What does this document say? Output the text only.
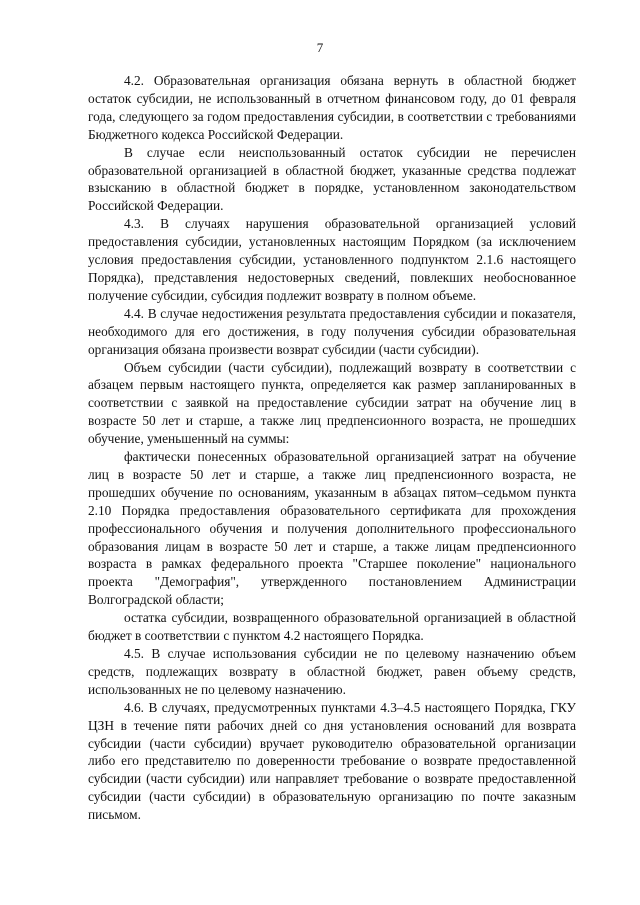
7

4.2. Образовательная организация обязана вернуть в областной бюджет остаток субсидии, не использованный в отчетном финансовом году, до 01 февраля года, следующего за годом предоставления субсидии, в соответствии с требованиями Бюджетного кодекса Российской Федерации.

В случае если неиспользованный остаток субсидии не перечислен образовательной организацией в областной бюджет, указанные средства подлежат взысканию в областной бюджет в порядке, установленном законодательством Российской Федерации.

4.3. В случаях нарушения образовательной организацией условий предоставления субсидии, установленных настоящим Порядком (за исключением условия предоставления субсидии, установленного подпунктом 2.1.6 настоящего Порядка), представления недостоверных сведений, повлекших необоснованное получение субсидии, субсидия подлежит возврату в полном объеме.

4.4. В случае недостижения результата предоставления субсидии и показателя, необходимого для его достижения, в году получения субсидии образовательная организация обязана произвести возврат субсидии (части субсидии).

Объем субсидии (части субсидии), подлежащий возврату в соответствии с абзацем первым настоящего пункта, определяется как размер запланированных в соответствии с заявкой на предоставление субсидии затрат на обучение лиц в возрасте 50 лет и старше, а также лиц предпенсионного возраста, не прошедших обучение, уменьшенный на суммы:

фактически понесенных образовательной организацией затрат на обучение лиц в возрасте 50 лет и старше, а также лиц предпенсионного возраста, не прошедших обучение по основаниям, указанным в абзацах пятом–седьмом пункта 2.10 Порядка предоставления образовательного сертификата для прохождения профессионального обучения и получения дополнительного профессионального образования лицам в возрасте 50 лет и старше, а также лицам предпенсионного возраста в рамках федерального проекта "Старшее поколение" национального проекта "Демография", утвержденного постановлением Администрации Волгоградской области;

остатка субсидии, возвращенного образовательной организацией в областной бюджет в соответствии с пунктом 4.2 настоящего Порядка.

4.5. В случае использования субсидии не по целевому назначению объем средств, подлежащих возврату в областной бюджет, равен объему средств, использованных не по целевому назначению.

4.6. В случаях, предусмотренных пунктами 4.3–4.5 настоящего Порядка, ГКУ ЦЗН в течение пяти рабочих дней со дня установления оснований для возврата субсидии (части субсидии) вручает руководителю образовательной организации либо его представителю по доверенности требование о возврате предоставленной субсидии (части субсидии) или направляет требование о возврате предоставленной субсидии (части субсидии) в образовательную организацию по почте заказным письмом.
